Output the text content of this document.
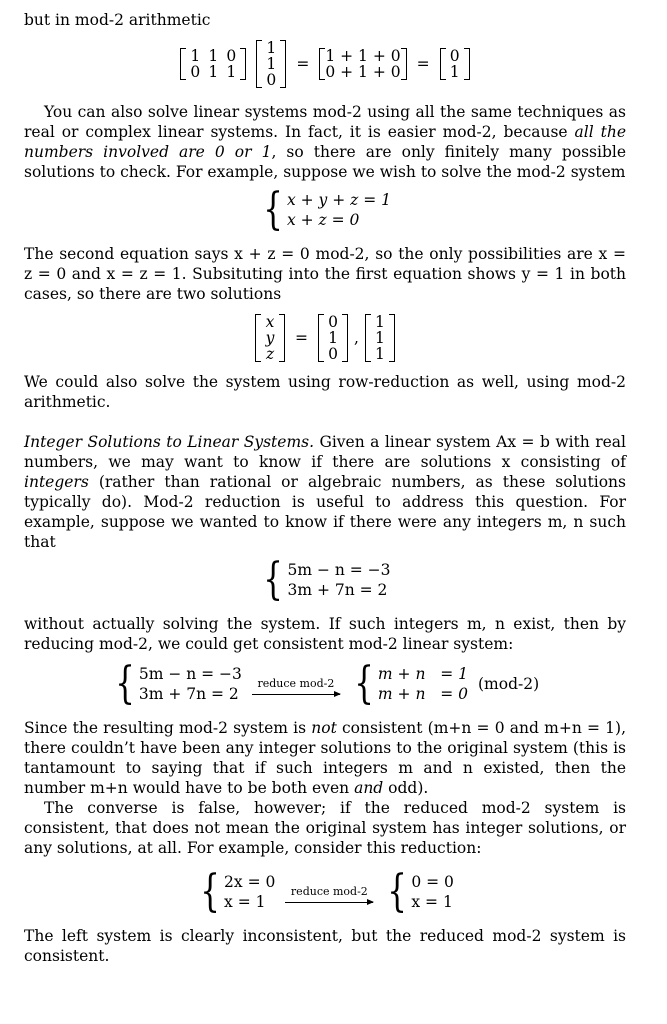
but in mod-2 arithmetic

1 1 0
0 1 1
1
1
0
= 1 + 1 + 0
0 + 1 + 0 = 0
1

You can also solve linear systems mod-2 using all the same techniques as real or complex linear systems. In fact, it is easier mod-2, because all the numbers involved are 0 or 1, so there are only finitely many possible solutions to check. For example, suppose we wish to solve the mod-2 system

{ x + y + z = 1
x + z = 0

The second equation says x + z = 0 mod-2, so the only possibilities are x = z = 0 and x = z = 1. Subsituting into the first equation shows y = 1 in both cases, so there are two solutions

x
y
z
=
0
1
0
,
1
1
1

We could also solve the system using row-reduction as well, using mod-2 arithmetic.

Integer Solutions to Linear Systems. Given a linear system Ax = b with real numbers, we may want to know if there are solutions x consisting of integers (rather than rational or algebraic numbers, as these solutions typically do). Mod-2 reduction is useful to address this question. For example, suppose we wanted to know if there were any integers m, n such that

{ 5m − n = −3
3m + 7n = 2

without actually solving the system. If such integers m, n exist, then by reducing mod-2, we could get consistent mod-2 linear system:

{ 5m − n = −3
3m + 7n = 2
reduce mod-2 { m + n   = 1
m + n   = 0
(mod-2)

Since the resulting mod-2 system is not consistent (m+n = 0 and m+n = 1), there couldn’t have been any integer solutions to the original system (this is tantamount to saying that if such integers m and n existed, then the number m+n would have to be both even and odd).

The converse is false, however; if the reduced mod-2 system is consistent, that does not mean the original system has integer solutions, or any solutions, at all. For example, consider this reduction:

{ 2x = 0
x = 1
reduce mod-2 { 0 = 0
x = 1

The left system is clearly inconsistent, but the reduced mod-2 system is consistent.
